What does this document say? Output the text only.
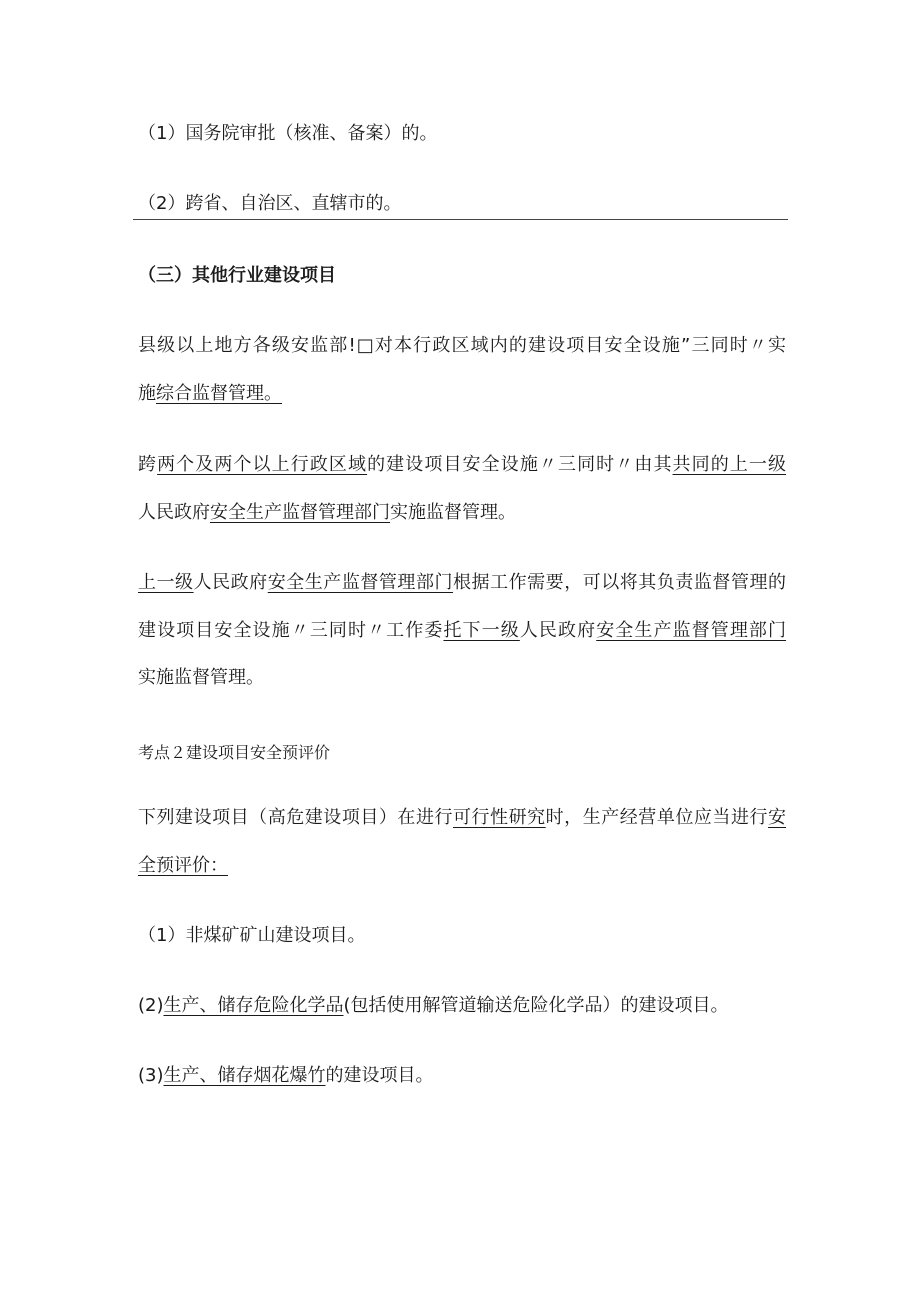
（1）国务院审批（核准、备案）的。
（2）跨省、自治区、直辖市的。
（三）其他行业建设项目
县级以上地方各级安监部!□对本行政区域内的建设项目安全设施”三同时〃实
施综合监督管理。
跨两个及两个以上行政区域的建设项目安全设施〃三同时〃由其共同的上一级
人民政府安全生产监督管理部门实施监督管理。
上一级人民政府安全生产监督管理部门根据工作需要，可以将其负责监督管理的
建设项目安全设施〃三同时〃工作委托下一级人民政府安全生产监督管理部门
实施监督管理。
考点２建设项目安全预评价
下列建设项目（高危建设项目）在进行可行性研究时，生产经营单位应当进行安
全预评价：
（1）非煤矿矿山建设项目。
(2)生产、储存危险化学品(包括使用解管道输送危险化学品）的建设项目。
(3)生产、储存烟花爆竹的建设项目。
